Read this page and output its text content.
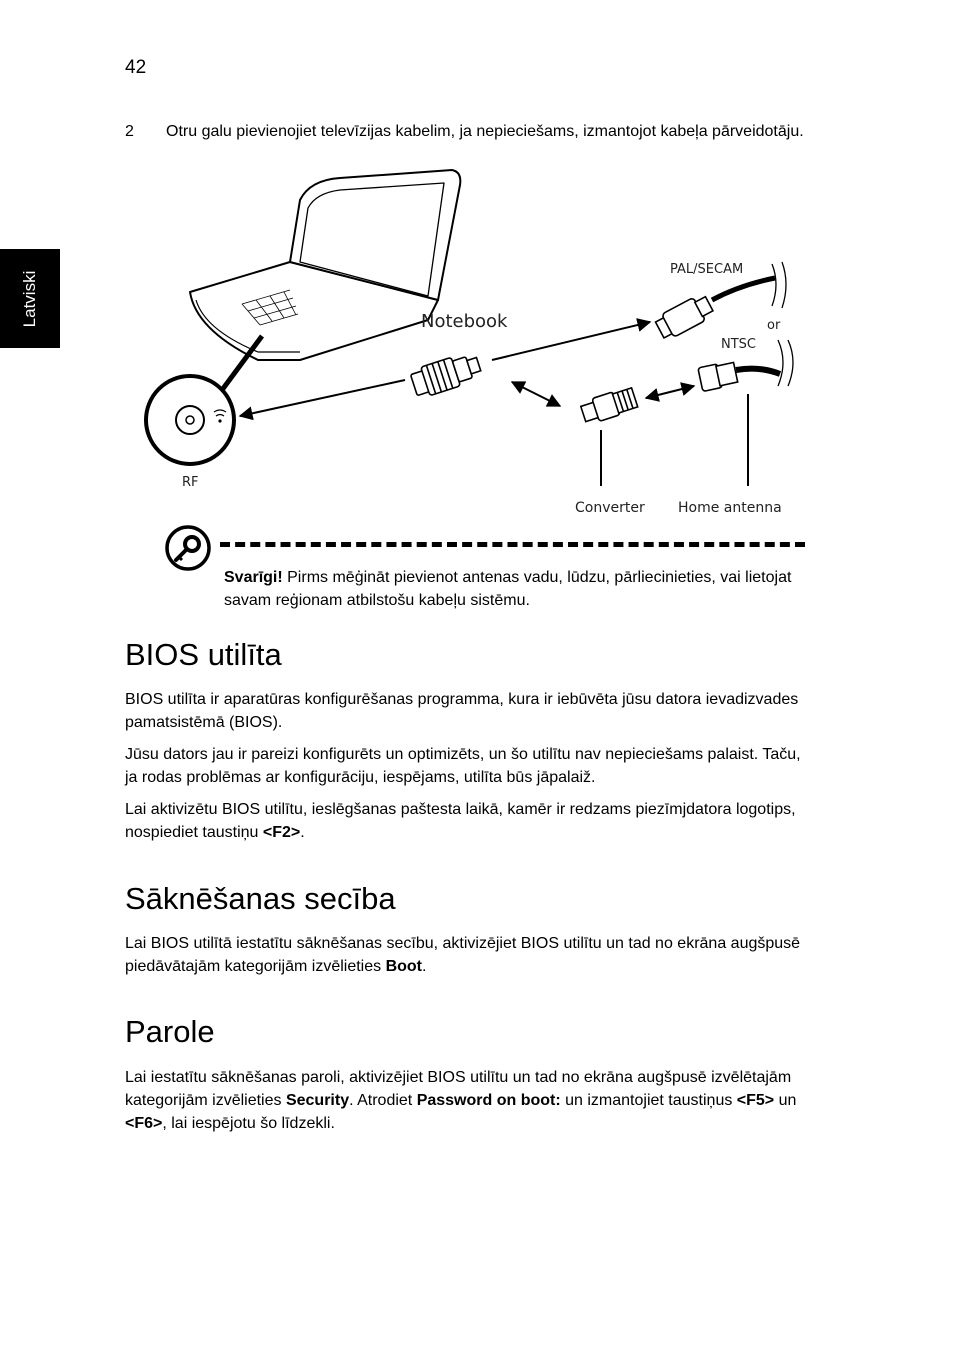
42
Latviski
2 Otru galu pievienojiet televīzijas kabelim, ja nepieciešams, izmantojot kabeļa pārveidotāju.
Notebook
PAL/SECAM
or
NTSC
RF
Converter Home antenna
Svarīgi! Pirms mēģināt pievienot antenas vadu, lūdzu, pārliecinieties, vai lietojat savam reģionam atbilstošu kabeļu sistēmu.
BIOS utilīta

BIOS utilīta ir aparatūras konfigurēšanas programma, kura ir iebūvēta jūsu datora ievadizvades pamatsistēmā (BIOS).

Jūsu dators jau ir pareizi konfigurēts un optimizēts, un šo utilītu nav nepieciešams palaist. Taču, ja rodas problēmas ar konfigurāciju, iespējams, utilīta būs jāpalaiž.

Lai aktivizētu BIOS utilītu, ieslēgšanas paštesta laikā, kamēr ir redzams piezīmjdatora logotips, nospiediet taustiņu <F2>.

Sāknēšanas secība

Lai BIOS utilītā iestatītu sāknēšanas secību, aktivizējiet BIOS utilītu un tad no ekrāna augšpusē piedāvātajām kategorijām izvēlieties Boot.

Parole

Lai iestatītu sāknēšanas paroli, aktivizējiet BIOS utilītu un tad no ekrāna augšpusē izvēlētajām kategorijām izvēlieties Security. Atrodiet Password on boot: un izmantojiet taustiņus <F5> un <F6>, lai iespējotu šo līdzekli.
